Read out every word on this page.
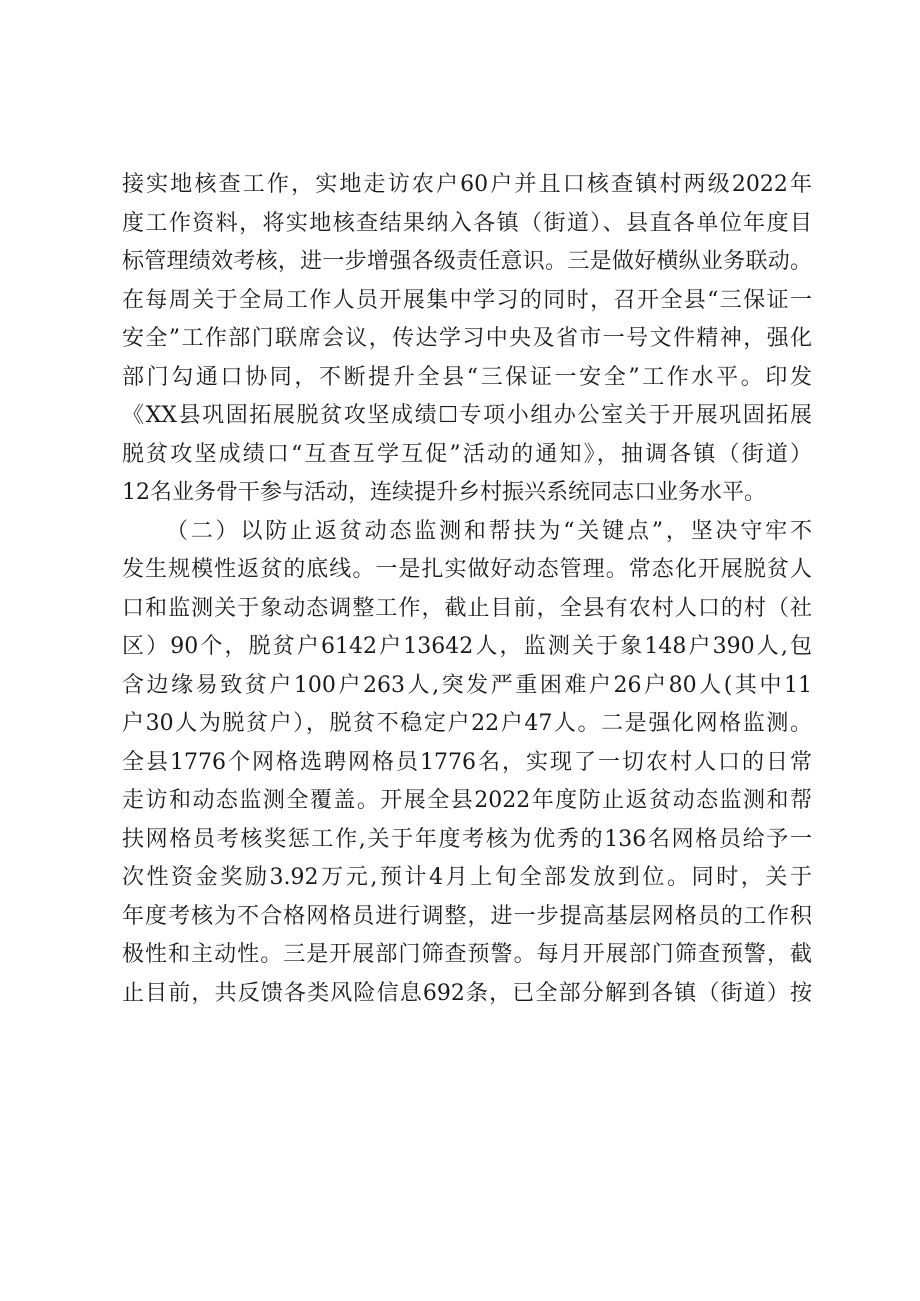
接实地核查工作，实地走访农户60户并且口核查镇村两级2022年
度工作资料，将实地核查结果纳入各镇（街道）、县直各单位年度目
标管理绩效考核，进一步增强各级责任意识。三是做好横纵业务联动。
在每周关于全局工作人员开展集中学习的同时，召开全县“三保证一
安全”工作部门联席会议，传达学习中央及省市一号文件精神，强化
部门勾通口协同，不断提升全县“三保证一安全”工作水平。印发
《XX县巩固拓展脱贫攻坚成绩☐专项小组办公室关于开展巩固拓展
脱贫攻坚成绩口“互查互学互促”活动的通知》，抽调各镇（街道）
12名业务骨干参与活动，连续提升乡村振兴系统同志口业务水平。
（二）以防止返贫动态监测和帮扶为“关键点”，坚决守牢不
发生规模性返贫的底线。一是扎实做好动态管理。常态化开展脱贫人
口和监测关于象动态调整工作，截止目前，全县有农村人口的村（社
区）90个，脱贫户6142户13642人，监测关于象148户390人,包
含边缘易致贫户100户263人,突发严重困难户26户80人(其中11
户30人为脱贫户），脱贫不稳定户22户47人。二是强化网格监测。
全县1776个网格选聘网格员1776名，实现了一切农村人口的日常
走访和动态监测全覆盖。开展全县2022年度防止返贫动态监测和帮
扶网格员考核奖惩工作,关于年度考核为优秀的136名网格员给予一
次性资金奖励3.92万元,预计4月上旬全部发放到位。同时，关于
年度考核为不合格网格员进行调整，进一步提高基层网格员的工作积
极性和主动性。三是开展部门筛查预警。每月开展部门筛查预警，截
止目前，共反馈各类风险信息692条，已全部分解到各镇（街道）按
